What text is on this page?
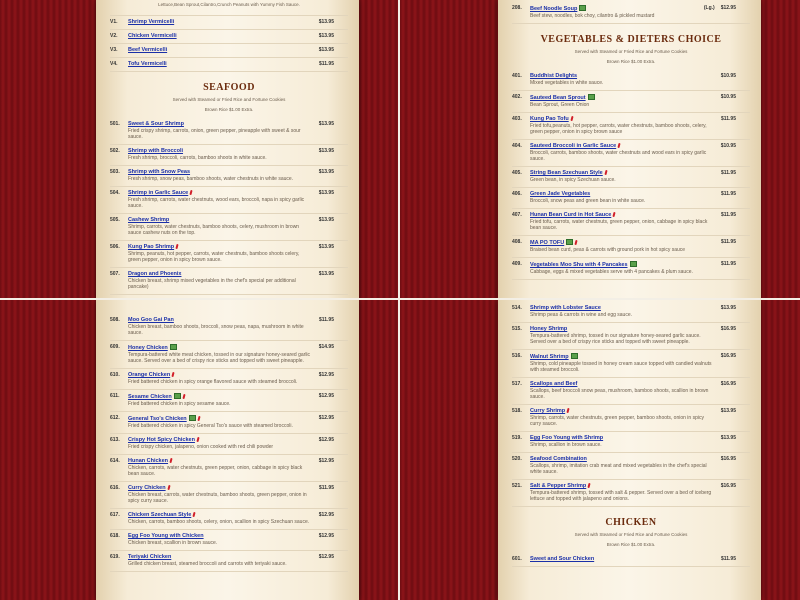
Lettuce,Bean Sprout,Cilantro,Crunch Peanuts with Yummy Fish Sauce.
V1.	$13.95
Shrimp Vermicelli
V2.	$13.95
Chicken Vermicelli
V3.	$13.95
Beef Vermicelli
V4.	$11.95
Tofu Vermicelli
SEAFOOD
Served with Steamed or Fried Rice and Fortune Cookies
Brown Rice $1.00 Extra.
501.	$13.95
Sweet & Sour Shrimp
Fried crispy shrimp, carrots, onion, green pepper, pineapple with sweet & sour sauce.
502.	$13.95
Shrimp with Broccoli
Fresh shrimp, broccoli, carrots, bamboo shoots in white sauce.
503.	$13.95
Shrimp with Snow Peas
Fresh shrimp, snow peas, bamboo shoots, water chestnuts in white sauce.
504.	$13.95
Shrimp in Garlic Sauce
Fresh shrimp, carrots, water chestnuts, wood ears, broccoli, napa in spicy garlic sauce.
505.	$13.95
Cashew Shrimp
Shrimp, carrots, water chestnuts, bamboo shoots, celery, mushroom in brown sauce cashew nuts on the top.
506.	$13.95
Kung Pao Shrimp
Shrimp, peanuts, hot pepper, carrots, water chestnuts, bamboo shoots celery, green pepper, onion in spicy brown sauce.
507.	$13.95
Dragon and Phoenix
Chicken breast, shrimp mixed vegetables in the chef's special per additional pancake)
208.	(Lg.) $12.95
Beef Noodle Soup
Beef stew, noodles, bok choy, cilantro & pickled mustard
VEGETABLES & DIETERS CHOICE
Served with Steamed or Fried Rice and Fortune Cookies
Brown Rice $1.00 Extra.
401.	$10.95
Buddhist Delights
Mixed vegetables in white sauce.
402.	$10.95
Sauteed Bean Sprout
Bean Sprout, Green Onion
403.	$11.95
Kung Pao Tofu
Fried tofu,peanuts, hot pepper, carrots, water chestnuts, bamboo shoots, celery, green pepper, onion in spicy brown sauce
404.	$10.95
Sauteed Broccoli in Garlic Sauce
Broccoli, carrots, bamboo shoots, water chestnuts and wood ears in spicy garlic sauce.
405.	$11.95
String Bean Szechuan Style
Green bean, in spicy Szechuan sauce.
406.	$11.95
Green Jade Vegetables
Broccoli, snow peas and green bean in white sauce.
407.	$11.95
Hunan Bean Curd in Hot Sauce
Fried tofu, carrots, water chestnuts, green pepper, onion, cabbage in spicy black bean sauce.
408.	$11.95
MA PO TOFU
Braised bean curd, peas & carrots with ground pork in hot spicy sauce
409.	$11.95
Vegetables Moo Shu with 4 Pancakes
Cabbage, eggs & mixed vegetables serve with 4 pancakes & plum sauce.
508.	$11.95
Moo Goo Gai Pan
Chicken breast, bamboo shoots, broccoli, snow peas, napa, mushroom in white sauce.
609.	$14.95
Honey Chicken
Tempura-battered white meat chicken, tossed in our signature honey-seared garlic sauce. Served over a bed of crispy rice sticks and topped with sweet pineapple.
610.	$12.95
Orange Chicken
Fried battered chicken in spicy orange flavored sauce with steamed broccoli.
611.	$12.95
Sesame Chicken
Fried battered chicken in spicy sesame sauce.
612.	$12.95
General Tso's Chicken
Fried battered chicken in spicy General Tso's sauce with steamed broccoli.
613.	$12.95
Crispy Hot Spicy Chicken
Fried crispy chicken, jalapeno, onion cooked with red chili powder
614.	$12.95
Hunan Chicken
Chicken, carrots, water chestnuts, green pepper, onion, cabbage in spicy black bean sauce.
616.	$11.95
Curry Chicken
Chicken breast, carrots, water chestnuts, bamboo shoots, green pepper, onion in spicy curry sauce.
617.	$12.95
Chicken Szechuan Style
Chicken, carrots, bamboo shoots, celery, onion, scallion in spicy Szechuan sauce.
618.	$12.95
Egg Foo Young with Chicken
Chicken breast, scallion in brown sauce.
619.	$12.95
Teriyaki Chicken
Grilled chicken breast, steamed broccoli and carrots with teriyaki sauce.
514.	$13.95
Shrimp with Lobster Sauce
Shrimp peas & carrots in wine and egg sauce.
515.	$16.95
Honey Shrimp
Tempura-battered shrimp, tossed in our signature honey-seared garlic sauce. Served over a bed of crispy rice sticks and topped with sweet pineapple.
516.	$16.95
Walnut Shrimp
Shrimp, cold pineapple tossed in honey cream sauce topped with candied walnuts with steamed broccoli.
517.	$16.95
Scallops and Beef
Scallops, beef broccoli snow peas, mushroom, bamboo shoots, scallion in brown sauce.
518.	$13.95
Curry Shrimp
Shrimp, carrots, water chestnuts, green pepper, bamboo shoots, onion in spicy curry sauce.
519.	$13.95
Egg Foo Young with Shrimp
Shrimp, scallion in brown sauce.
520.	$16.95
Seafood Combination
Scallops, shrimp, imitation crab meat and mixed vegetables in the chef's special white sauce.
521.	$16.95
Salt & Pepper Shrimp
Tempura-battered shrimp, tossed with salt & pepper. Served over a bed of iceberg lettuce and topped with jalapeno and onions.
CHICKEN
Served with Steamed or Fried Rice and Fortune Cookies
Brown Rice $1.00 Extra.
601.	$11.95
Sweet and Sour Chicken
